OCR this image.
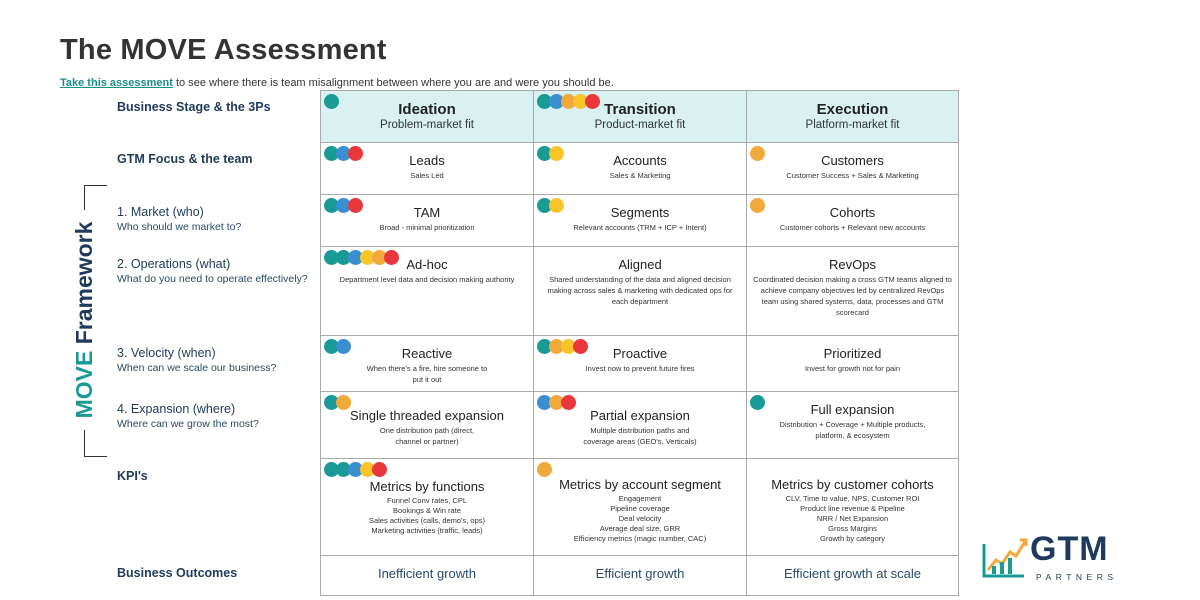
The MOVE Assessment
Take this assessment to see where there is team misalignment between where you are and were you should be.
Business Stage & the 3Ps
GTM Focus & the team
1. Market (who)
Who should we market to?
2. Operations (what)
What do you need to operate effectively?
3. Velocity (when)
When can we scale our business?
4. Expansion (where)
Where can we grow the most?
KPI's
Business Outcomes
MOVE Framework
Ideation
Problem-market fit
Transition
Product-market fit
Execution
Platform-market fit
Leads
Sales Led
Accounts
Sales & Marketing
Customers
Customer Success + Sales & Marketing
TAM
Broad - minimal prioritization
Segments
Relevant accounts (TRM + ICP + Intent)
Cohorts
Customer cohorts + Relevant new accounts
Ad-hoc
Department level data and decision making authority
Aligned
Shared understanding of the data and aligned decision making across sales & marketing with dedicated ops for each department
RevOps
Coordinated decision making a cross GTM teams aligned to achieve company objectives led by centralized RevOps team using shared systems, data, processes and GTM scorecard
Reactive
When there's a fire, hire someone to put it out
Proactive
Invest now to prevent future fires
Prioritized
Invest for growth not for pain
Single threaded expansion
One distribution path (direct, channel or partner)
Partial expansion
Multiple distribution paths and coverage areas (GEO's, Verticals)
Full expansion
Distribution + Coverage + Multiple products, platform, & ecosystem
Metrics by functions
Funnel Conv rates, CPL
Bookings & Win rate
Sales activities (calls, demo's, ops)
Marketing activities (traffic, leads)
Metrics by account segment
Engagement
Pipeline coverage
Deal velocity
Average deal size, GRR
Efficiency metrics (magic number, CAC)
Metrics by customer cohorts
CLV, Time to value, NPS, Customer ROI
Product line revenue & Pipeline
NRR / Net Expansion
Gross Margins
Growth by category
Inefficient growth	Efficient growth	Efficient growth at scale
GTM
PARTNERS
